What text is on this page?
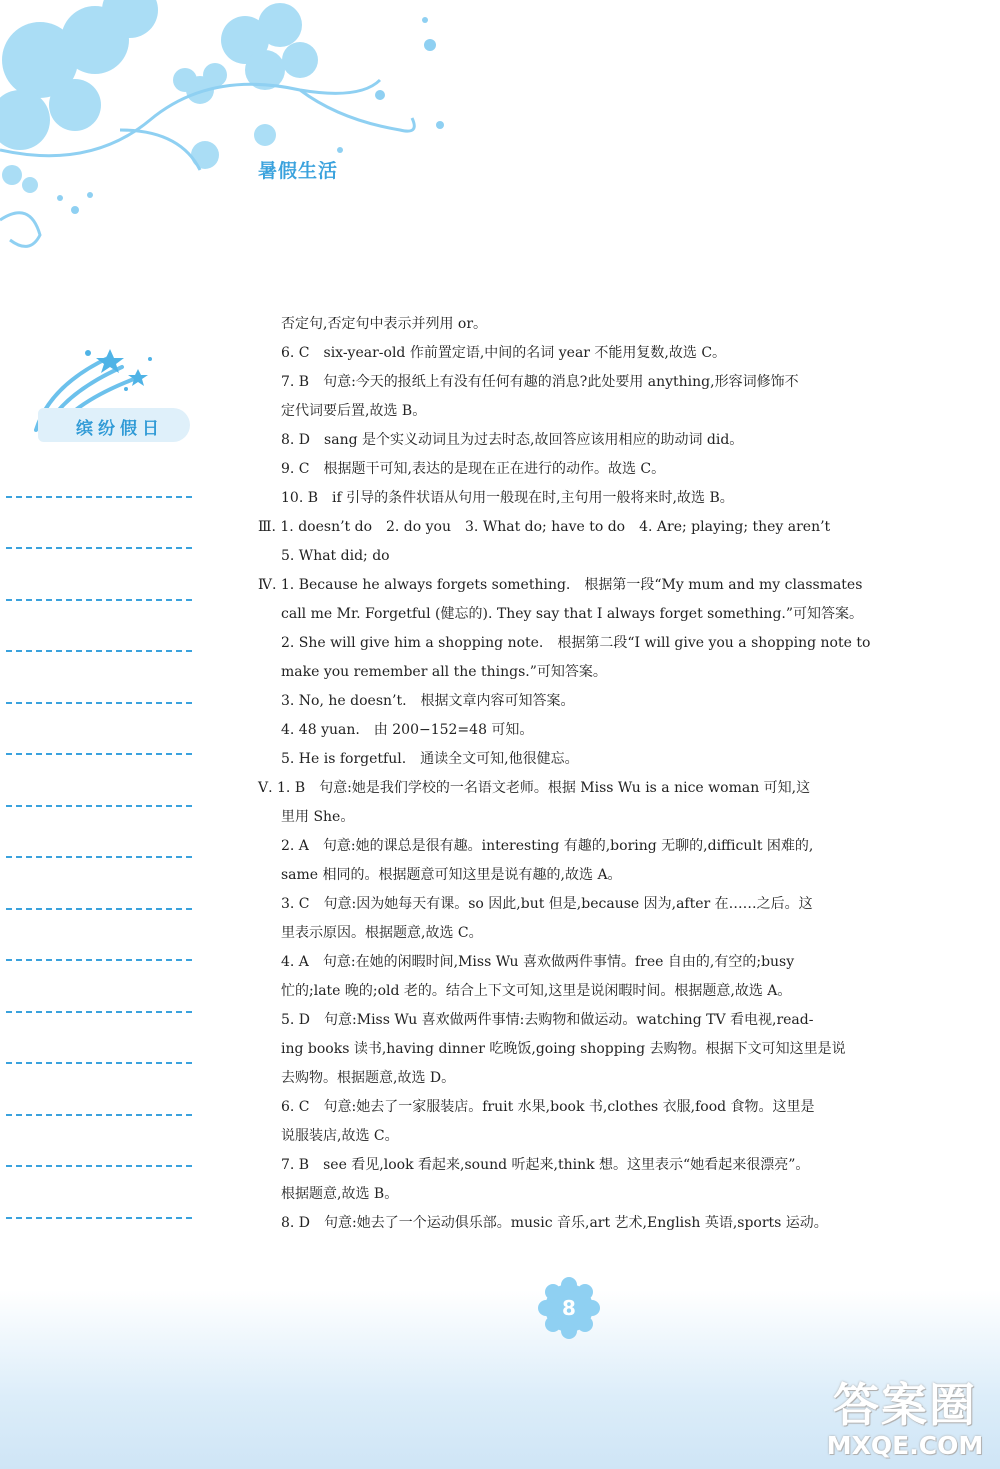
暑假生活
缤纷假日
否定句,否定句中表示并列用 or。
6. C　six-year-old 作前置定语,中间的名词 year 不能用复数,故选 C。
7. B　句意:今天的报纸上有没有任何有趣的消息?此处要用 anything,形容词修饰不
定代词要后置,故选 B。
8. D　sang 是个实义动词且为过去时态,故回答应该用相应的助动词 did。
9. C　根据题干可知,表达的是现在正在进行的动作。故选 C。
10. B　if 引导的条件状语从句用一般现在时,主句用一般将来时,故选 B。
Ⅲ. 1. doesn’t do　2. do you　3. What do; have to do　4. Are; playing; they aren’t
5. What did; do
Ⅳ. 1. Because he always forgets something.　根据第一段“My mum and my classmates
call me Mr. Forgetful (健忘的). They say that I always forget something.”可知答案。
2. She will give him a shopping note.　根据第二段“I will give you a shopping note to
make you remember all the things.”可知答案。
3. No, he doesn’t.　根据文章内容可知答案。
4. 48 yuan.　由 200−152=48 可知。
5. He is forgetful.　通读全文可知,他很健忘。
Ⅴ. 1. B　句意:她是我们学校的一名语文老师。根据 Miss Wu is a nice woman 可知,这
里用 She。
2. A　句意:她的课总是很有趣。interesting 有趣的,boring 无聊的,difficult 困难的,
same 相同的。根据题意可知这里是说有趣的,故选 A。
3. C　句意:因为她每天有课。so 因此,but 但是,because 因为,after 在……之后。这
里表示原因。根据题意,故选 C。
4. A　句意:在她的闲暇时间,Miss Wu 喜欢做两件事情。free 自由的,有空的;busy
忙的;late 晚的;old 老的。结合上下文可知,这里是说闲暇时间。根据题意,故选 A。
5. D　句意:Miss Wu 喜欢做两件事情:去购物和做运动。watching TV 看电视,read-
ing books 读书,having dinner 吃晚饭,going shopping 去购物。根据下文可知这里是说
去购物。根据题意,故选 D。
6. C　句意:她去了一家服装店。fruit 水果,book 书,clothes 衣服,food 食物。这里是
说服装店,故选 C。
7. B　see 看见,look 看起来,sound 听起来,think 想。这里表示“她看起来很漂亮”。
根据题意,故选 B。
8. D　句意:她去了一个运动俱乐部。music 音乐,art 艺术,English 英语,sports 运动。
8
答案圈
MXQE.COM
